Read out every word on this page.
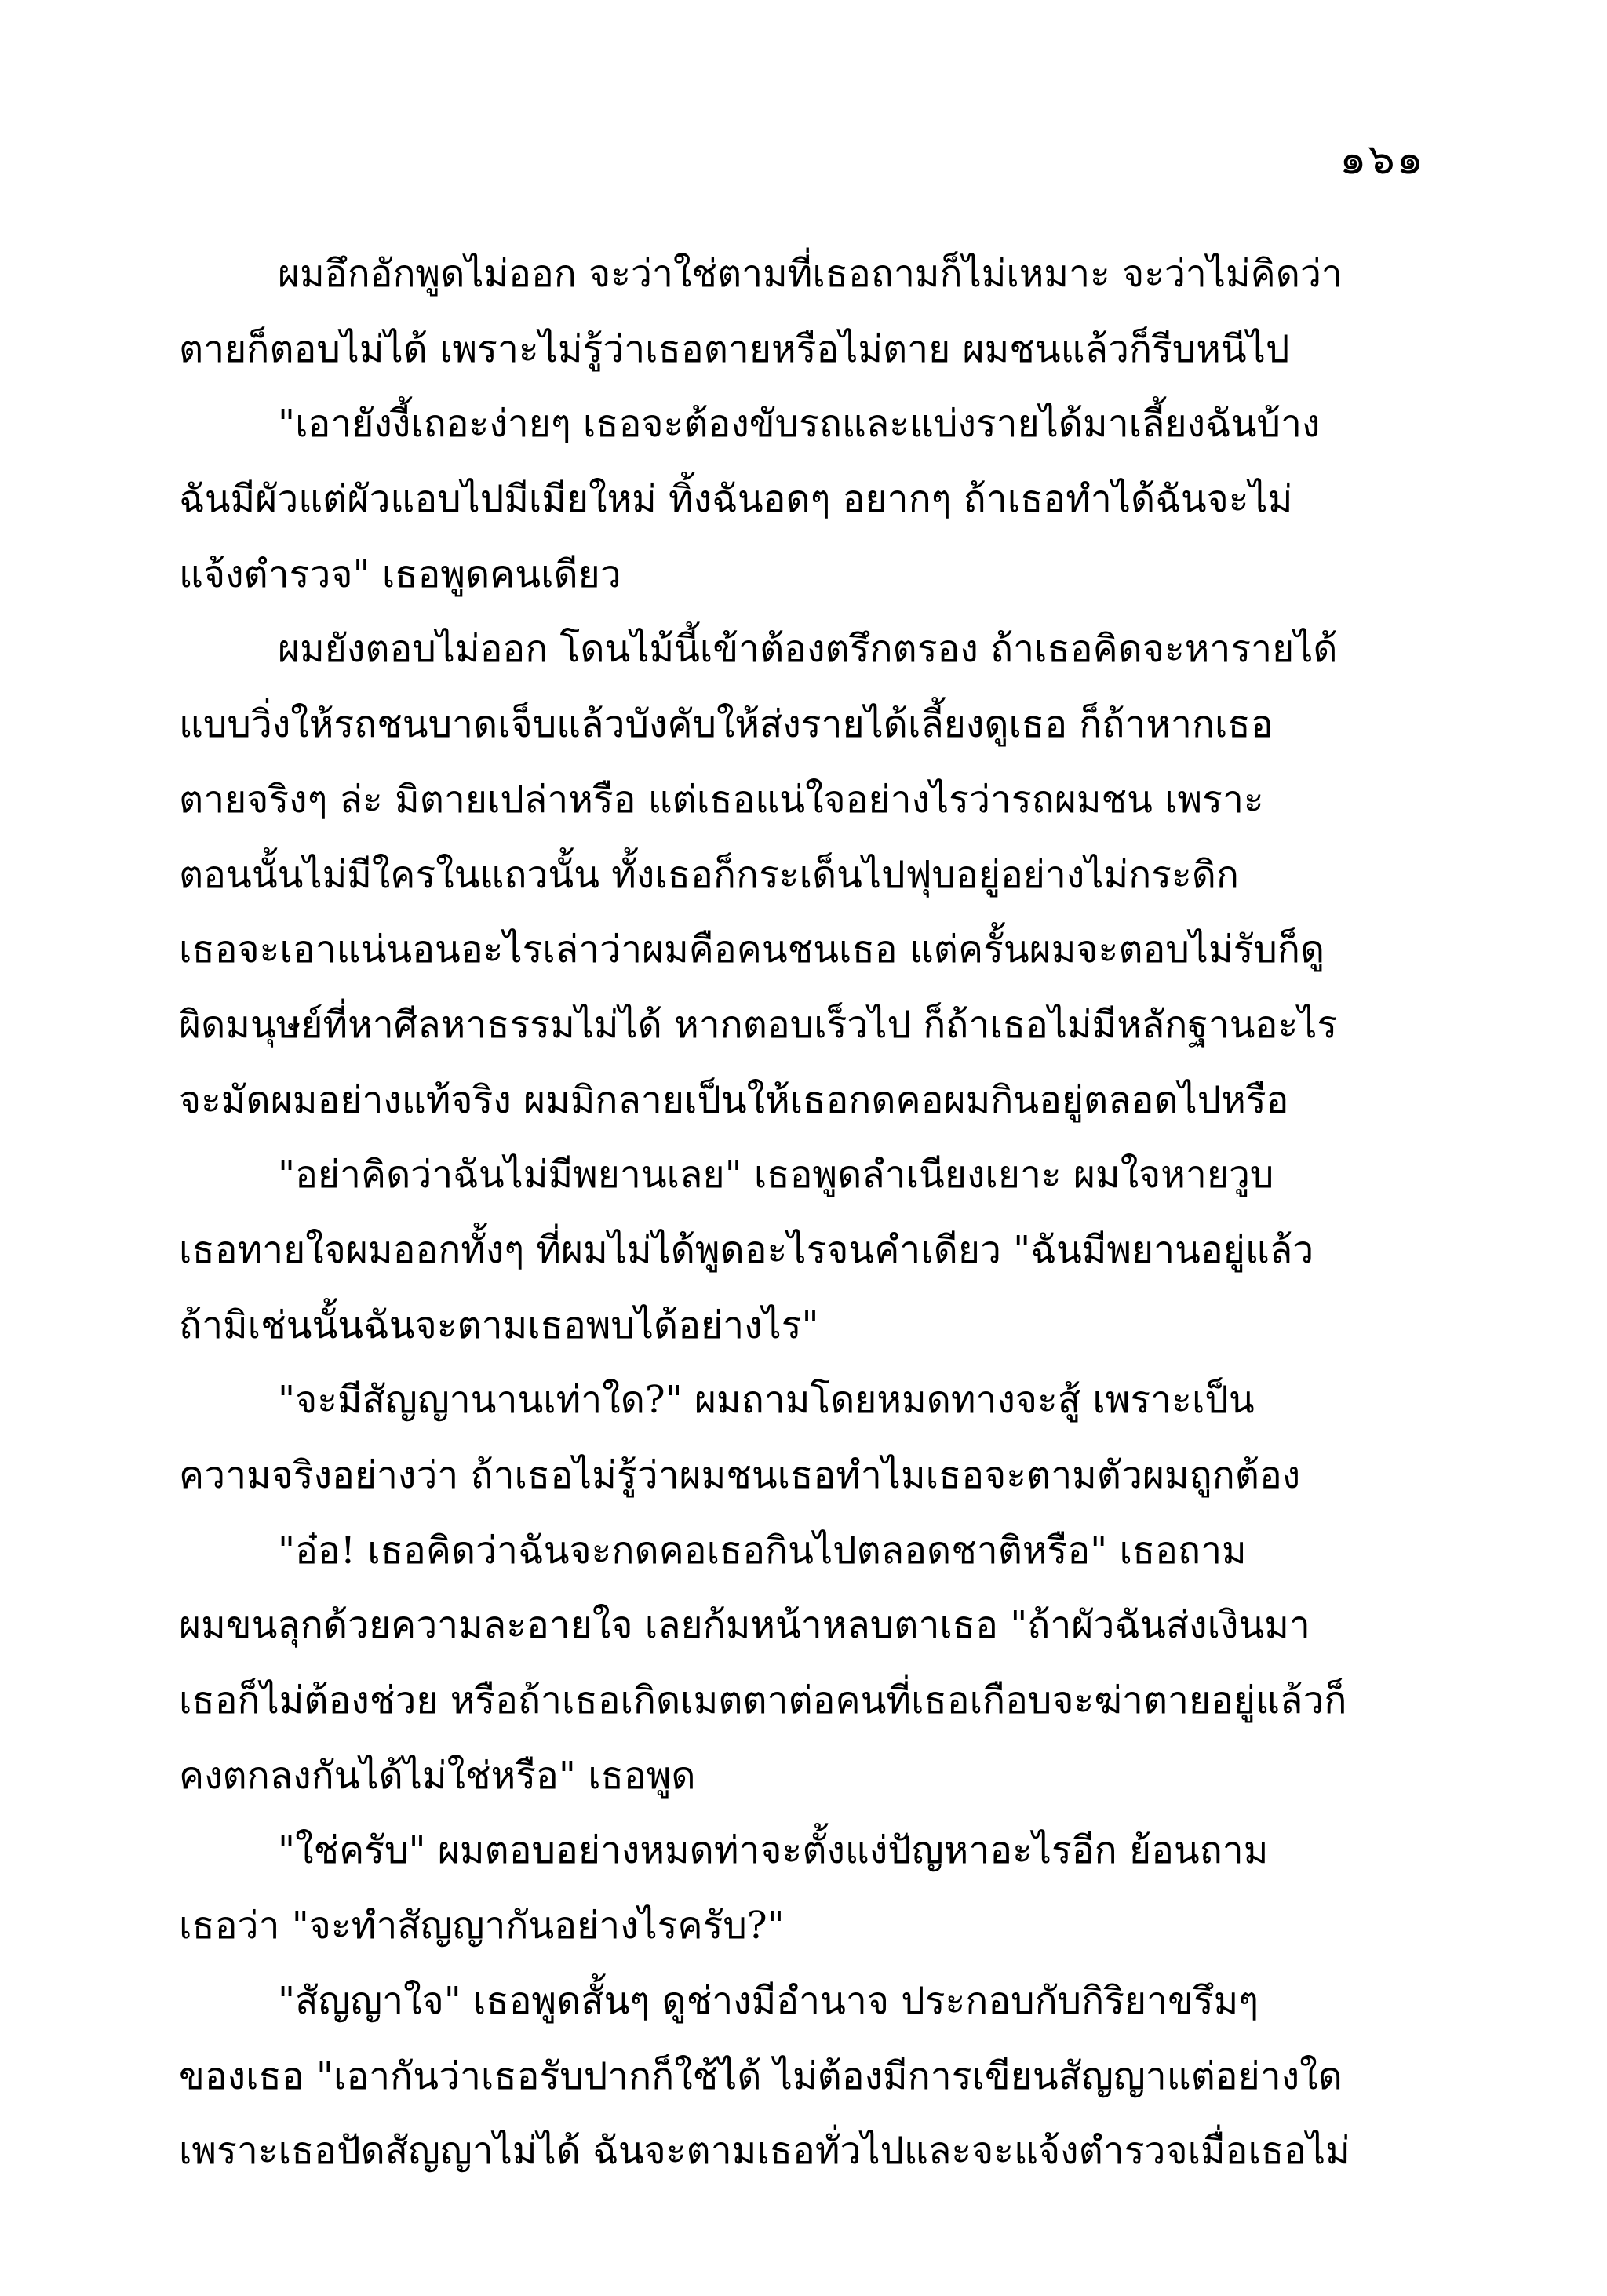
๑๖๑
ผมอึกอักพูดไม่ออก จะว่าใช่ตามที่เธอถามก็ไม่เหมาะ จะว่าไม่คิดว่า
ตายก็ตอบไม่ได้ เพราะไม่รู้ว่าเธอตายหรือไม่ตาย ผมชนแล้วก็รีบหนีไป
"เอายังงี้เถอะง่ายๆ เธอจะต้องขับรถและแบ่งรายได้มาเลี้ยงฉันบ้าง
ฉันมีผัวแต่ผัวแอบไปมีเมียใหม่ ทิ้งฉันอดๆ อยากๆ ถ้าเธอทำได้ฉันจะไม่
แจ้งตำรวจ" เธอพูดคนเดียว
ผมยังตอบไม่ออก โดนไม้นี้เข้าต้องตรึกตรอง ถ้าเธอคิดจะหารายได้
แบบวิ่งให้รถชนบาดเจ็บแล้วบังคับให้ส่งรายได้เลี้ยงดูเธอ ก็ถ้าหากเธอ
ตายจริงๆ ล่ะ มิตายเปล่าหรือ แต่เธอแน่ใจอย่างไรว่ารถผมชน เพราะ
ตอนนั้นไม่มีใครในแถวนั้น ทั้งเธอก็กระเด็นไปฟุบอยู่อย่างไม่กระดิก
เธอจะเอาแน่นอนอะไรเล่าว่าผมคือคนชนเธอ แต่ครั้นผมจะตอบไม่รับก็ดู
ผิดมนุษย์ที่หาศีลหาธรรมไม่ได้ หากตอบเร็วไป ก็ถ้าเธอไม่มีหลักฐานอะไร
จะมัดผมอย่างแท้จริง ผมมิกลายเป็นให้เธอกดคอผมกินอยู่ตลอดไปหรือ
"อย่าคิดว่าฉันไม่มีพยานเลย" เธอพูดลำเนียงเยาะ ผมใจหายวูบ
เธอทายใจผมออกทั้งๆ ที่ผมไม่ได้พูดอะไรจนคำเดียว "ฉันมีพยานอยู่แล้ว
ถ้ามิเช่นนั้นฉันจะตามเธอพบได้อย่างไร"
"จะมีสัญญานานเท่าใด?" ผมถามโดยหมดทางจะสู้ เพราะเป็น
ความจริงอย่างว่า ถ้าเธอไม่รู้ว่าผมชนเธอทำไมเธอจะตามตัวผมถูกต้อง
"อ๋อ! เธอคิดว่าฉันจะกดคอเธอกินไปตลอดชาติหรือ" เธอถาม
ผมขนลุกด้วยความละอายใจ เลยก้มหน้าหลบตาเธอ "ถ้าผัวฉันส่งเงินมา
เธอก็ไม่ต้องช่วย หรือถ้าเธอเกิดเมตตาต่อคนที่เธอเกือบจะฆ่าตายอยู่แล้วก็
คงตกลงกันได้ไม่ใช่หรือ" เธอพูด
"ใช่ครับ" ผมตอบอย่างหมดท่าจะตั้งแง่ปัญหาอะไรอีก ย้อนถาม
เธอว่า "จะทำสัญญากันอย่างไรครับ?"
"สัญญาใจ" เธอพูดสั้นๆ ดูช่างมีอำนาจ ประกอบกับกิริยาขรึมๆ
ของเธอ "เอากันว่าเธอรับปากก็ใช้ได้ ไม่ต้องมีการเขียนสัญญาแต่อย่างใด
เพราะเธอปัดสัญญาไม่ได้ ฉันจะตามเธอทั่วไปและจะแจ้งตำรวจเมื่อเธอไม่
